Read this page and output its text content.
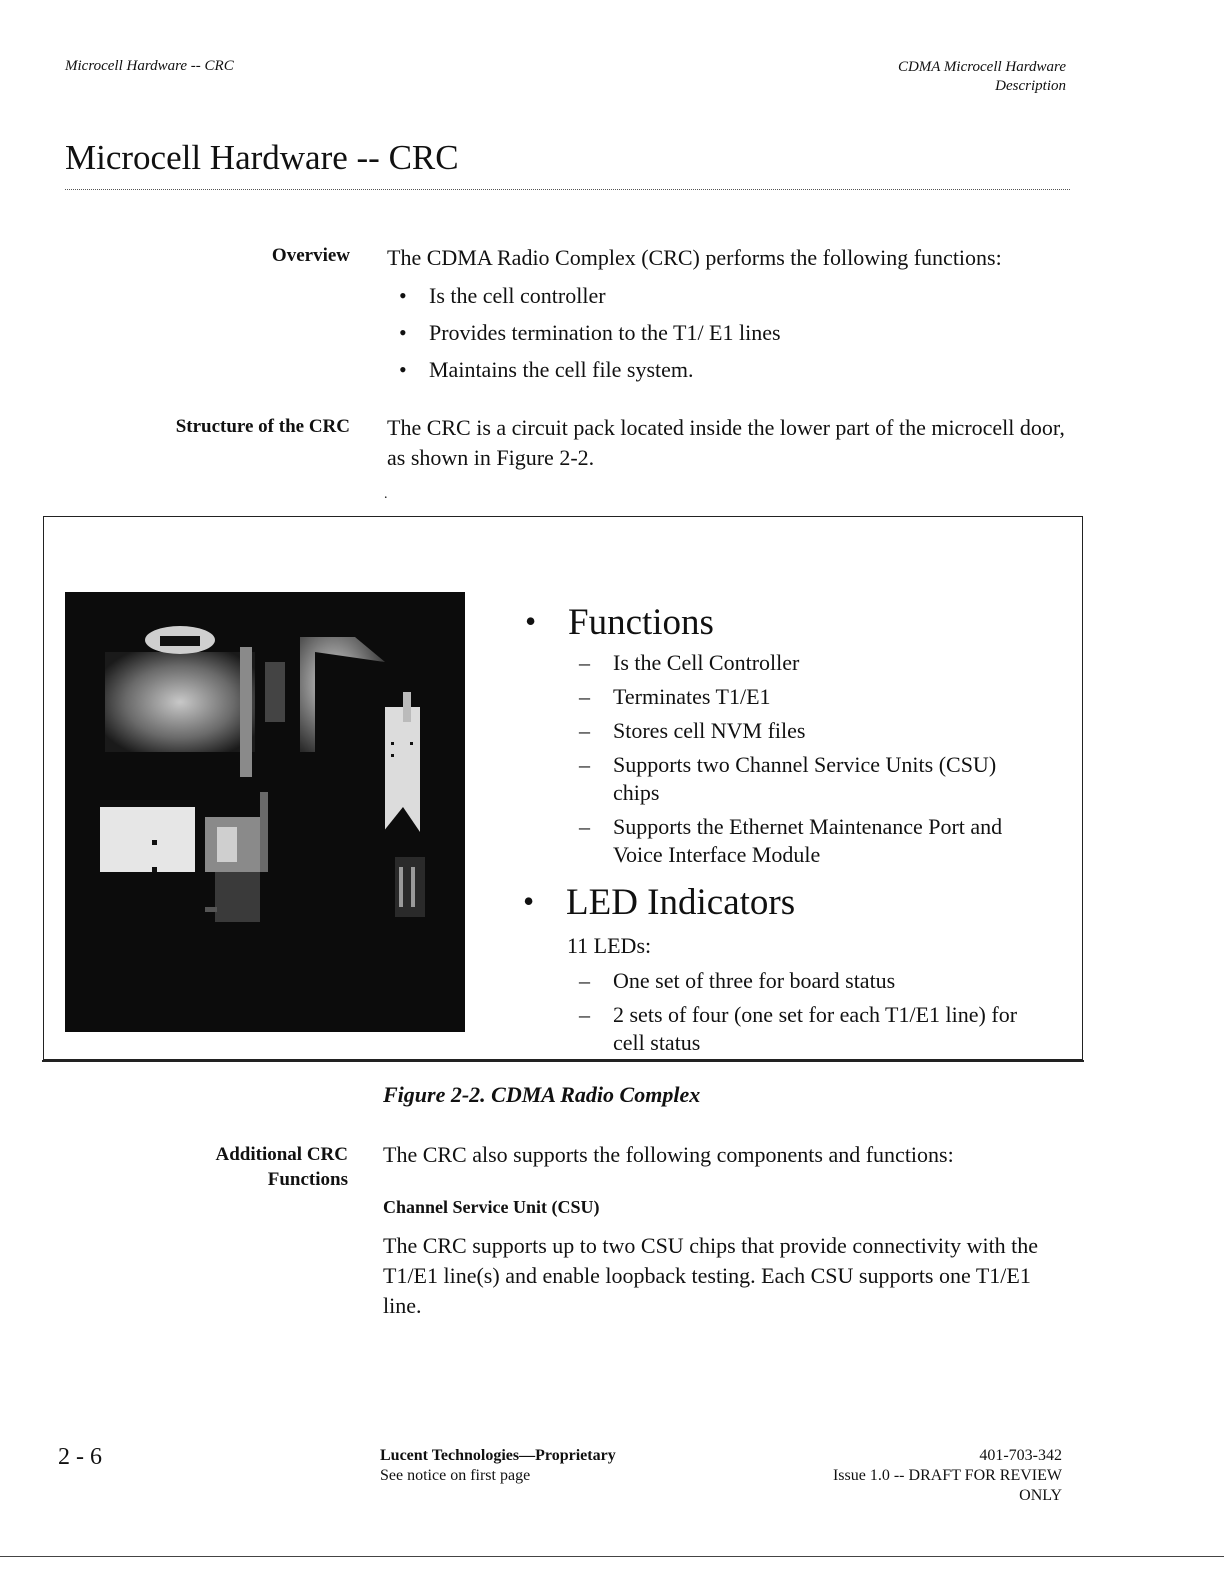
Microcell Hardware -- CRC	CDMA Microcell Hardware
Description
Microcell Hardware -- CRC
Overview The CDMA Radio Complex (CRC) performs the following functions:
• Is the cell controller
• Provides termination to the T1/ E1 lines
• Maintains the cell file system.
Structure of the CRC The CRC is a circuit pack located inside the lower part of the microcell door, as shown in Figure 2-2.
.
• Functions
– Is the Cell Controller
– Terminates T1/E1
– Stores cell NVM files
– Supports two Channel Service Units (CSU) chips
– Supports the Ethernet Maintenance Port and Voice Interface Module
• LED Indicators
11 LEDs:
– One set of three for board status
– 2 sets of four (one set for each T1/E1 line) for cell status
Figure 2-2. CDMA Radio Complex
Additional CRC
Functions
The CRC also supports the following components and functions:
Channel Service Unit (CSU)
The CRC supports up to two CSU chips that provide connectivity with the T1/E1 line(s) and enable loopback testing. Each CSU supports one T1/E1 line.
2 - 6	Lucent Technologies—Proprietary
See notice on first page
401-703-342
Issue 1.0 -- DRAFT FOR REVIEW
ONLY
